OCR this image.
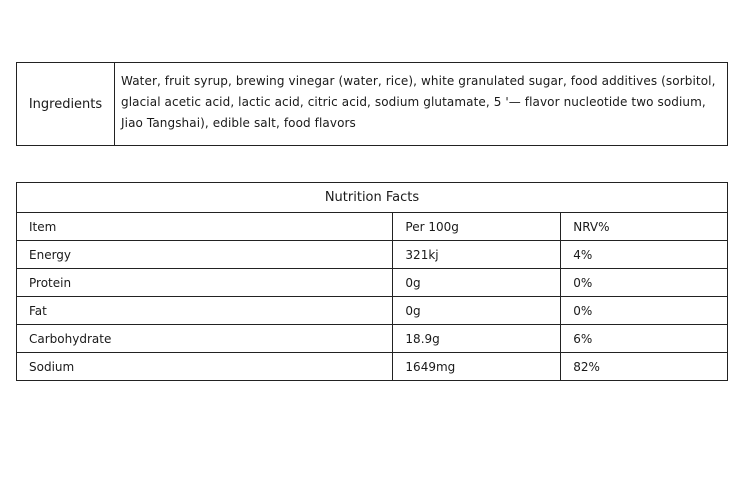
Ingredients
Water, fruit syrup, brewing vinegar (water, rice), white granulated sugar, food additives (sorbitol, glacial acetic acid, lactic acid, citric acid, sodium glutamate, 5 '— flavor nucleotide two sodium, Jiao Tangshai), edible salt, food flavors
Nutrition Facts		
Item	Per 100g	NRV%
Energy	321kj	4%
Protein	0g	0%
Fat	0g	0%
Carbohydrate	18.9g	6%
Sodium	1649mg	82%
